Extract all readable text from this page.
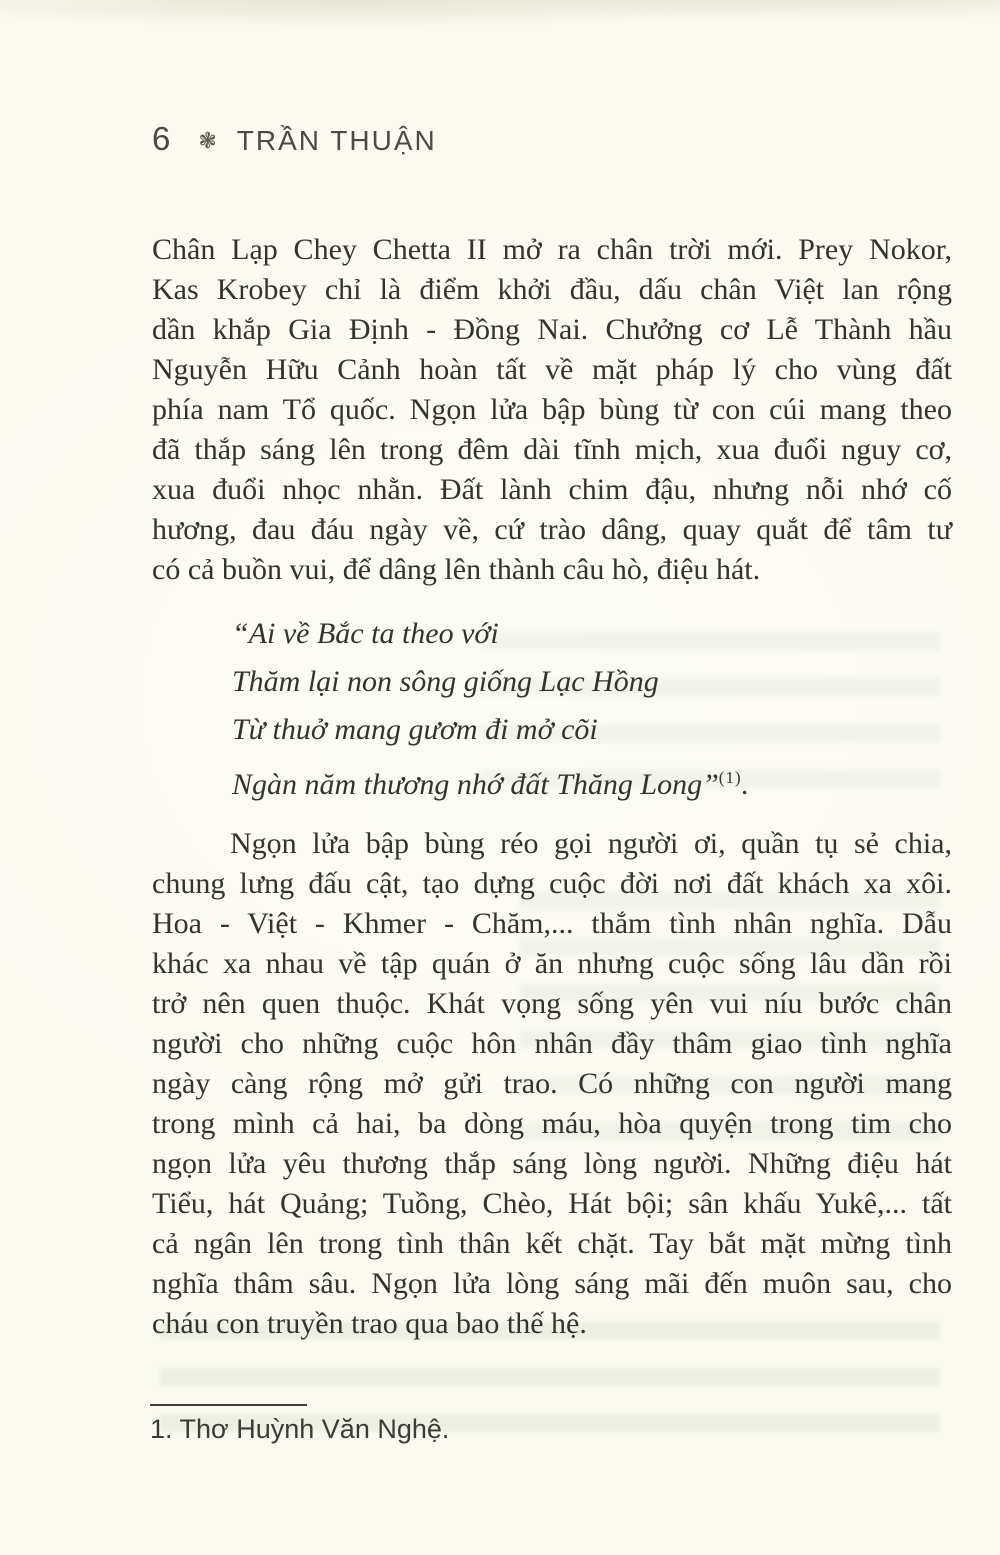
6 ❃ TRẦN THUẬN
Chân Lạp Chey Chetta II mở ra chân trời mới. Prey Nokor,
Kas Krobey chỉ là điểm khởi đầu, dấu chân Việt lan rộng
dần khắp Gia Định - Đồng Nai. Chưởng cơ Lễ Thành hầu
Nguyễn Hữu Cảnh hoàn tất về mặt pháp lý cho vùng đất
phía nam Tổ quốc. Ngọn lửa bập bùng từ con cúi mang theo
đã thắp sáng lên trong đêm dài tĩnh mịch, xua đuổi nguy cơ,
xua đuổi nhọc nhằn. Đất lành chim đậu, nhưng nỗi nhớ cố
hương, đau đáu ngày về, cứ trào dâng, quay quắt để tâm tư
có cả buồn vui, để dâng lên thành câu hò, điệu hát.
“Ai về Bắc ta theo với
Thăm lại non sông giống Lạc Hồng
Từ thuở mang gươm đi mở cõi
Ngàn năm thương nhớ đất Thăng Long”$^{(1)}$.
Ngọn lửa bập bùng réo gọi người ơi, quần tụ sẻ chia,
chung lưng đấu cật, tạo dựng cuộc đời nơi đất khách xa xôi.
Hoa - Việt - Khmer - Chăm,... thắm tình nhân nghĩa. Dẫu
khác xa nhau về tập quán ở ăn nhưng cuộc sống lâu dần rồi
trở nên quen thuộc. Khát vọng sống yên vui níu bước chân
người cho những cuộc hôn nhân đầy thâm giao tình nghĩa
ngày càng rộng mở gửi trao. Có những con người mang
trong mình cả hai, ba dòng máu, hòa quyện trong tim cho
ngọn lửa yêu thương thắp sáng lòng người. Những điệu hát
Tiểu, hát Quảng; Tuồng, Chèo, Hát bội; sân khấu Yukê,... tất
cả ngân lên trong tình thân kết chặt. Tay bắt mặt mừng tình
nghĩa thâm sâu. Ngọn lửa lòng sáng mãi đến muôn sau, cho
cháu con truyền trao qua bao thế hệ.
1. Thơ Huỳnh Văn Nghệ.
